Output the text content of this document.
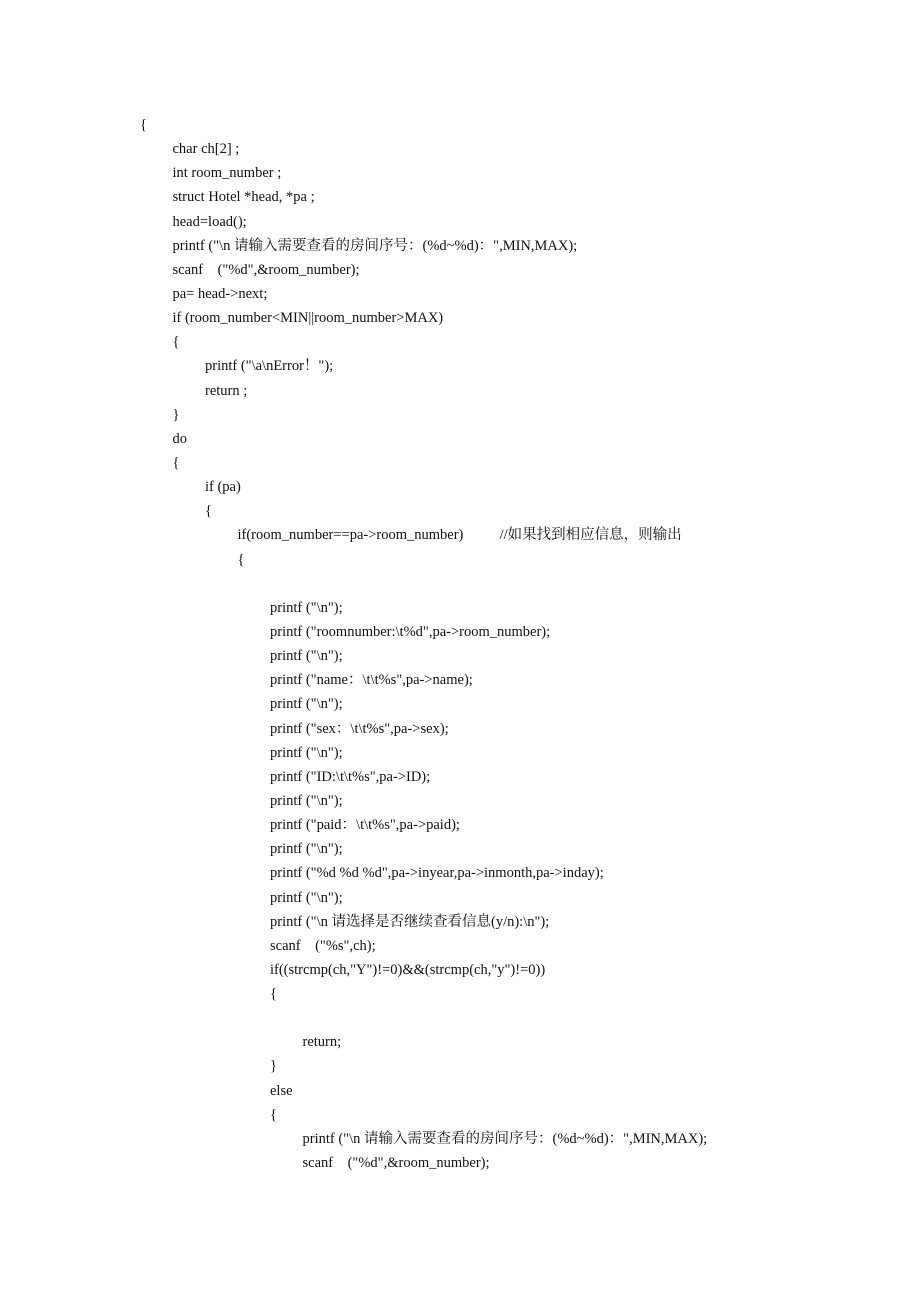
{
char ch[2] ;
int room_number ;
struct Hotel *head, *pa ;
head=load();
printf ("\n 请输入需要查看的房间序号：(%d~%d)：",MIN,MAX);
scanf    ("%d",&room_number);
pa= head->next;
if (room_number<MIN||room_number>MAX)
{
printf ("\a\nError！");
return ;
}
do
{
if (pa)
{
if(room_number==pa->room_number)          //如果找到相应信息，则输出
{
printf ("\n");
printf ("roomnumber:\t%d",pa->room_number);
printf ("\n");
printf ("name：\t\t%s",pa->name);
printf ("\n");
printf ("sex：\t\t%s",pa->sex);
printf ("\n");
printf ("ID:\t\t%s",pa->ID);
printf ("\n");
printf ("paid：\t\t%s",pa->paid);
printf ("\n");
printf ("%d %d %d",pa->inyear,pa->inmonth,pa->inday);
printf ("\n");
printf ("\n 请选择是否继续查看信息(y/n):\n");
scanf    ("%s",ch);
if((strcmp(ch,"Y")!=0)&&(strcmp(ch,"y")!=0))
{
return;
}
else
{
printf ("\n 请输入需要查看的房间序号：(%d~%d)：",MIN,MAX);
scanf    ("%d",&room_number);
